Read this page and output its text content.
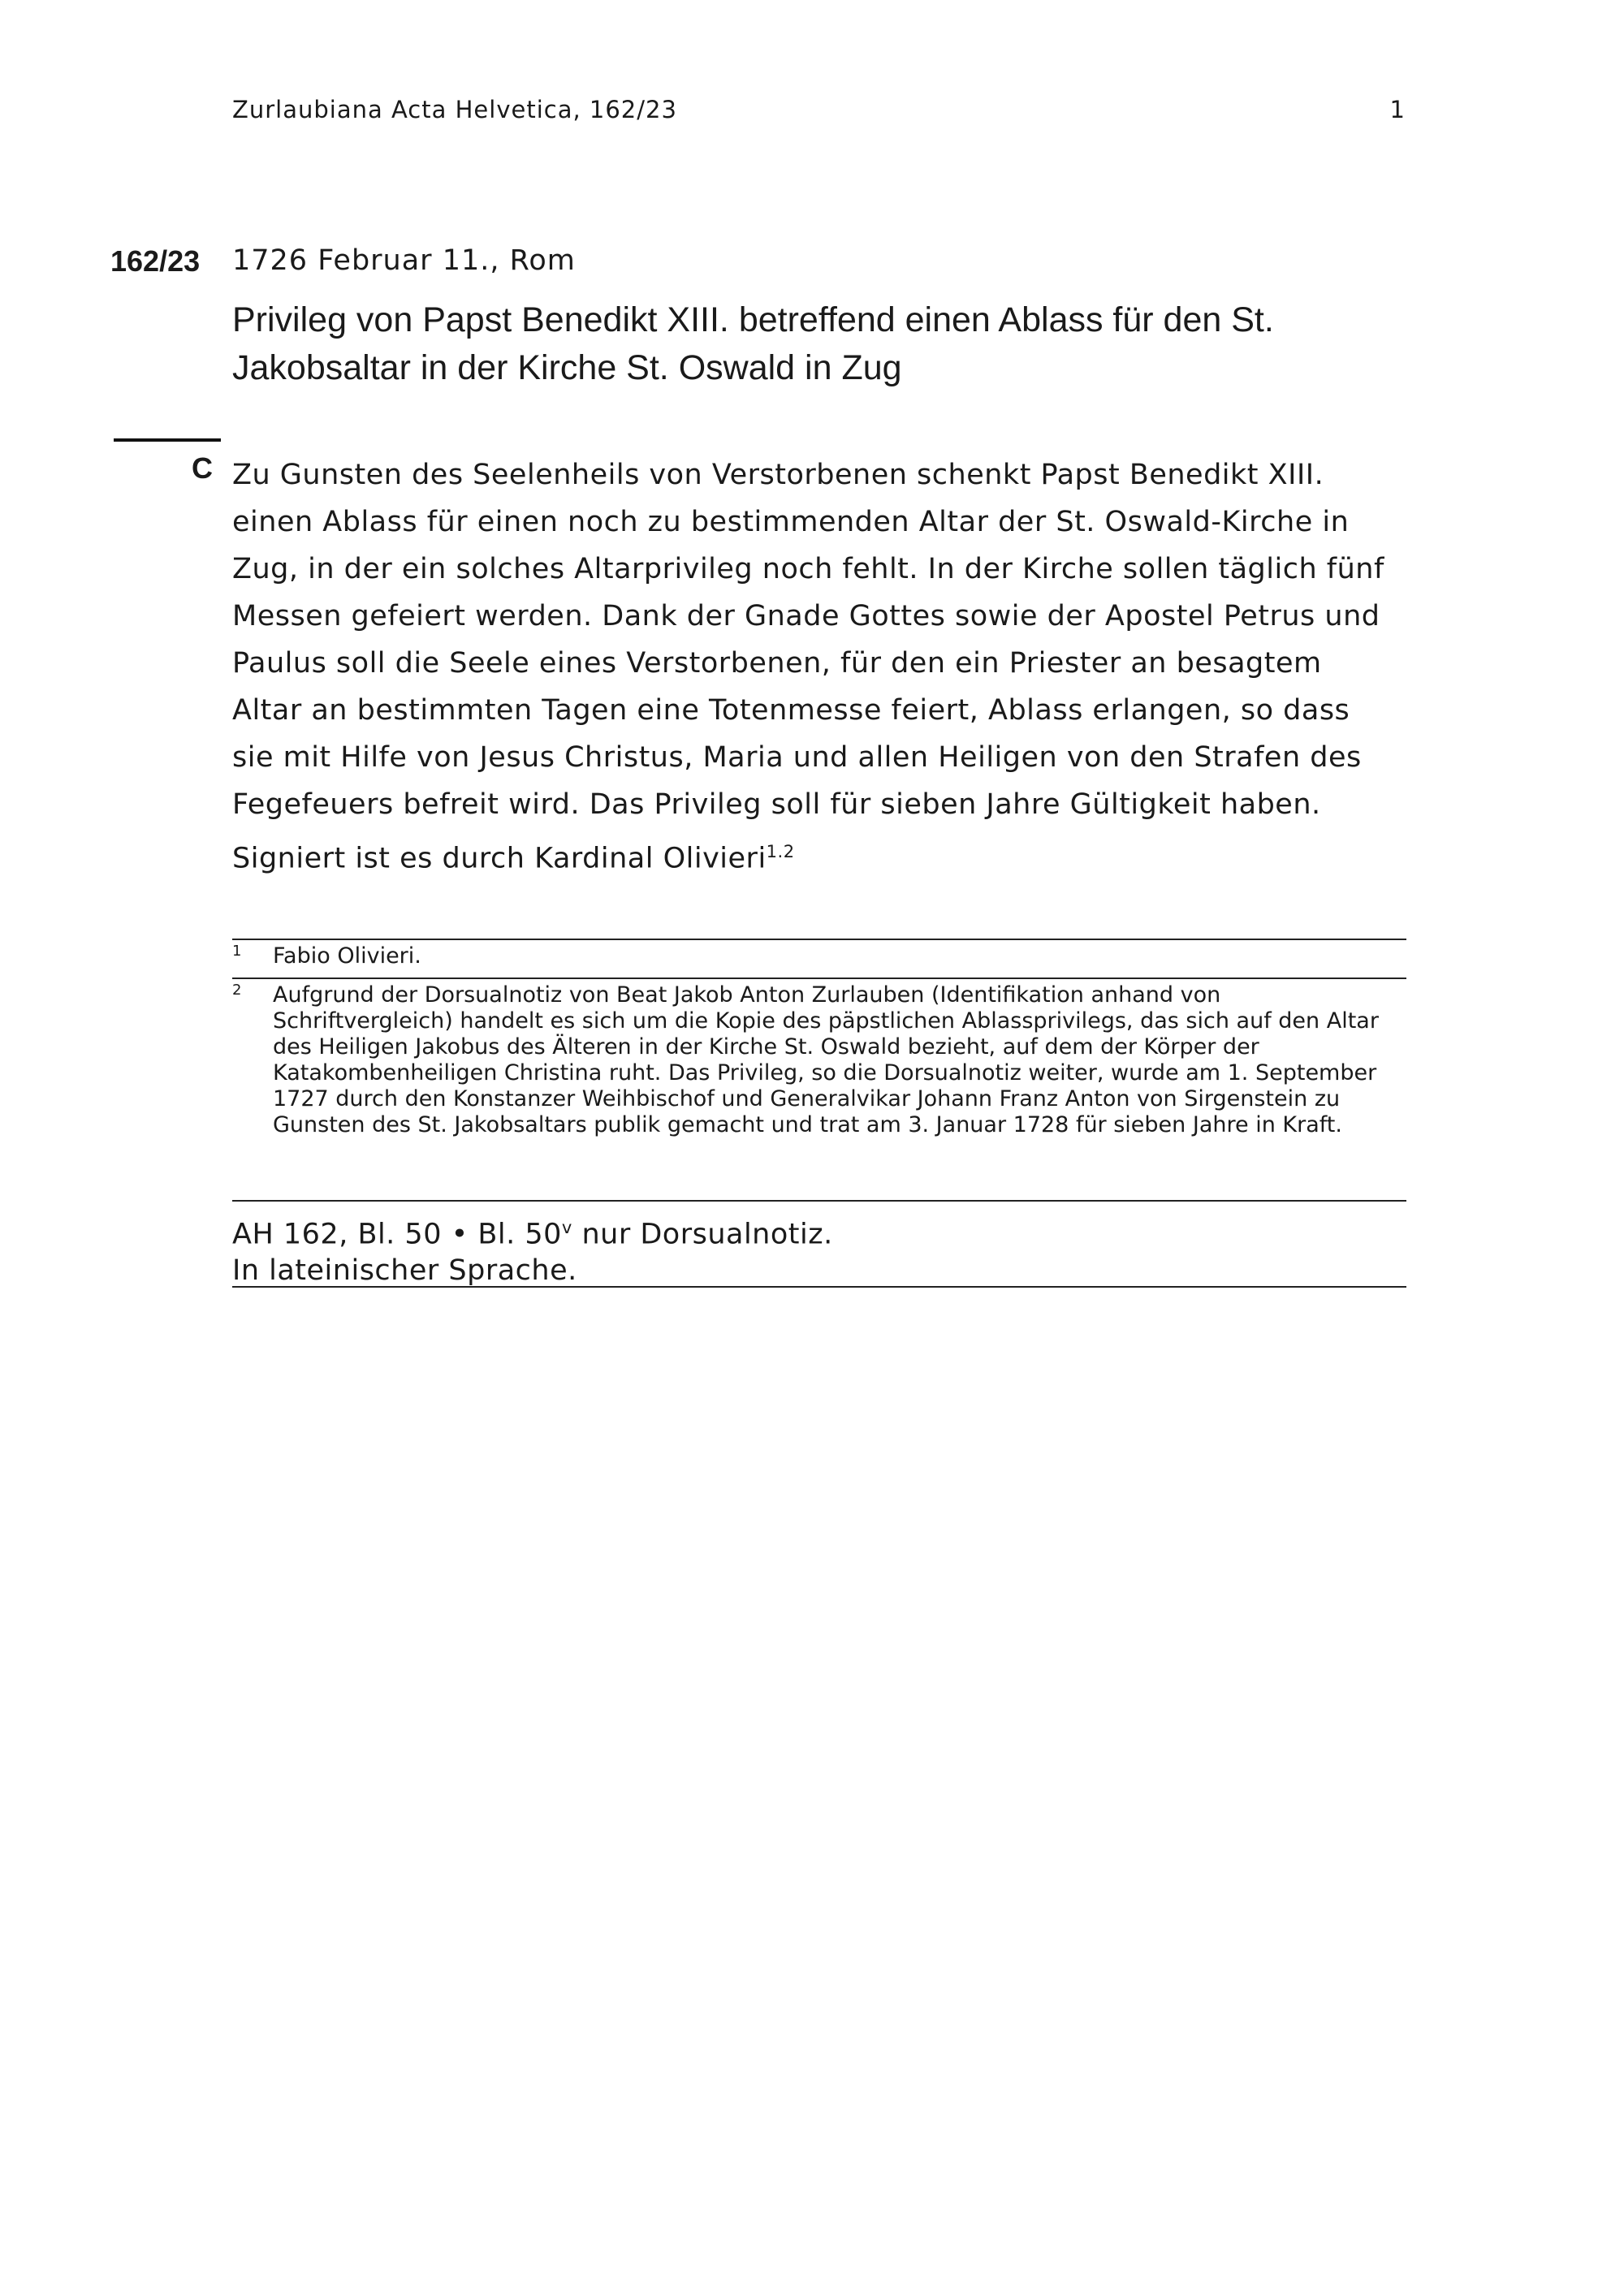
Zurlaubiana Acta Helvetica, 162/23	1
162/23 1726 Februar 11., Rom
Privileg von Papst Benedikt XIII. betreffend einen Ablass für den St. Jakobsaltar in der Kirche St. Oswald in Zug
C Zu Gunsten des Seelenheils von Verstorbenen schenkt Papst Benedikt XIII. einen Ablass für einen noch zu bestimmenden Altar der St. Oswald-Kirche in Zug, in der ein solches Altarprivileg noch fehlt. In der Kirche sollen täglich fünf Messen gefeiert werden. Dank der Gnade Gottes sowie der Apostel Petrus und Paulus soll die Seele eines Verstorbenen, für den ein Priester an besagtem Altar an bestimmten Tagen eine Totenmesse feiert, Ablass erlangen, so dass sie mit Hilfe von Jesus Christus, Maria und allen Heiligen von den Strafen des Fegefeuers befreit wird. Das Privileg soll für sieben Jahre Gültigkeit haben. Signiert ist es durch Kardinal Olivieri$^{1.2}$
1 Fabio Olivieri.
2 Aufgrund der Dorsualnotiz von Beat Jakob Anton Zurlauben (Identifikation anhand von Schriftvergleich) handelt es sich um die Kopie des päpstlichen Ablassprivilegs, das sich auf den Altar des Heiligen Jakobus des Älteren in der Kirche St. Oswald bezieht, auf dem der Körper der Katakombenheiligen Christina ruht. Das Privileg, so die Dorsualnotiz weiter, wurde am 1. September 1727 durch den Konstanzer Weihbischof und Generalvikar Johann Franz Anton von Sirgenstein zu Gunsten des St. Jakobsaltars publik gemacht und trat am 3. Januar 1728 für sieben Jahre in Kraft.
AH 162, Bl. 50 • Bl. 50$^v$ nur Dorsualnotiz.
In lateinischer Sprache.
